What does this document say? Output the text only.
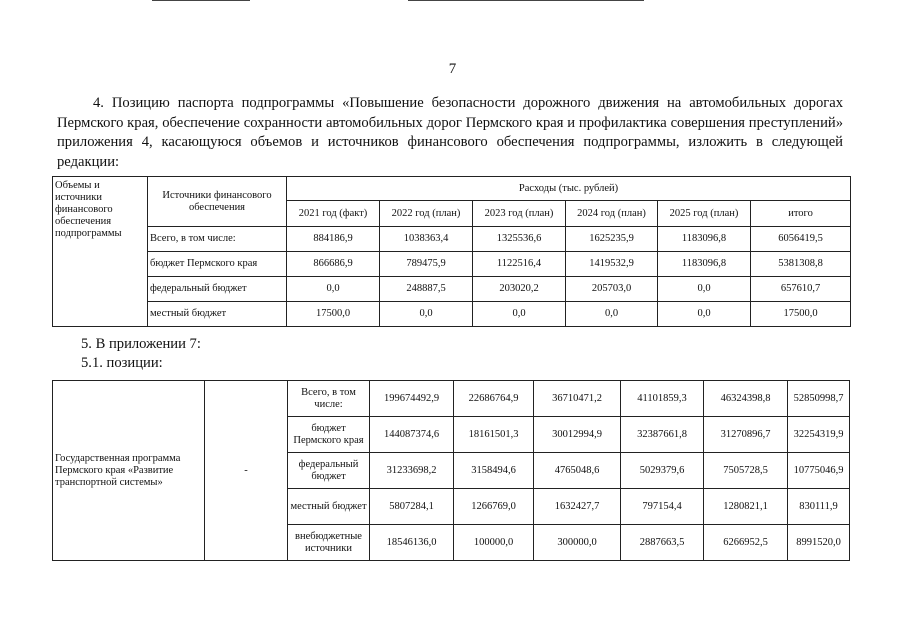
7
4. Позицию паспорта подпрограммы «Повышение безопасности дорожного движения на автомобильных дорогах Пермского края, обеспечение сохранности автомобильных дорог Пермского края и профилактика совершения преступлений» приложения 4, касающуюся объемов и источников финансового обеспечения подпрограммы, изложить в следующей редакции:
Объемы и источники финансового обеспечения подпрограммы	Источники финансового обеспечения	Расходы (тыс. рублей)					
		2021 год (факт)	2022 год (план)	2023 год (план)	2024 год (план)	2025 год (план)	итого
	Всего, в том числе:	884186,9	1038363,4	1325536,6	1625235,9	1183096,8	6056419,5
	бюджет Пермского края	866686,9	789475,9	1122516,4	1419532,9	1183096,8	5381308,8
	федеральный бюджет	0,0	248887,5	203020,2	205703,0	0,0	657610,7
	местный бюджет	17500,0	0,0	0,0	0,0	0,0	17500,0
5. В приложении 7:
5.1. позиции:
Государственная программа Пермского края «Развитие транспортной системы»	-	Всего, в том числе:	199674492,9	22686764,9	36710471,2	41101859,3	46324398,8	52850998,7
		бюджет Пермского края	144087374,6	18161501,3	30012994,9	32387661,8	31270896,7	32254319,9
		федеральный бюджет	31233698,2	3158494,6	4765048,6	5029379,6	7505728,5	10775046,9
		местный бюджет	5807284,1	1266769,0	1632427,7	797154,4	1280821,1	830111,9
		внебюджетные источники	18546136,0	100000,0	300000,0	2887663,5	6266952,5	8991520,0
